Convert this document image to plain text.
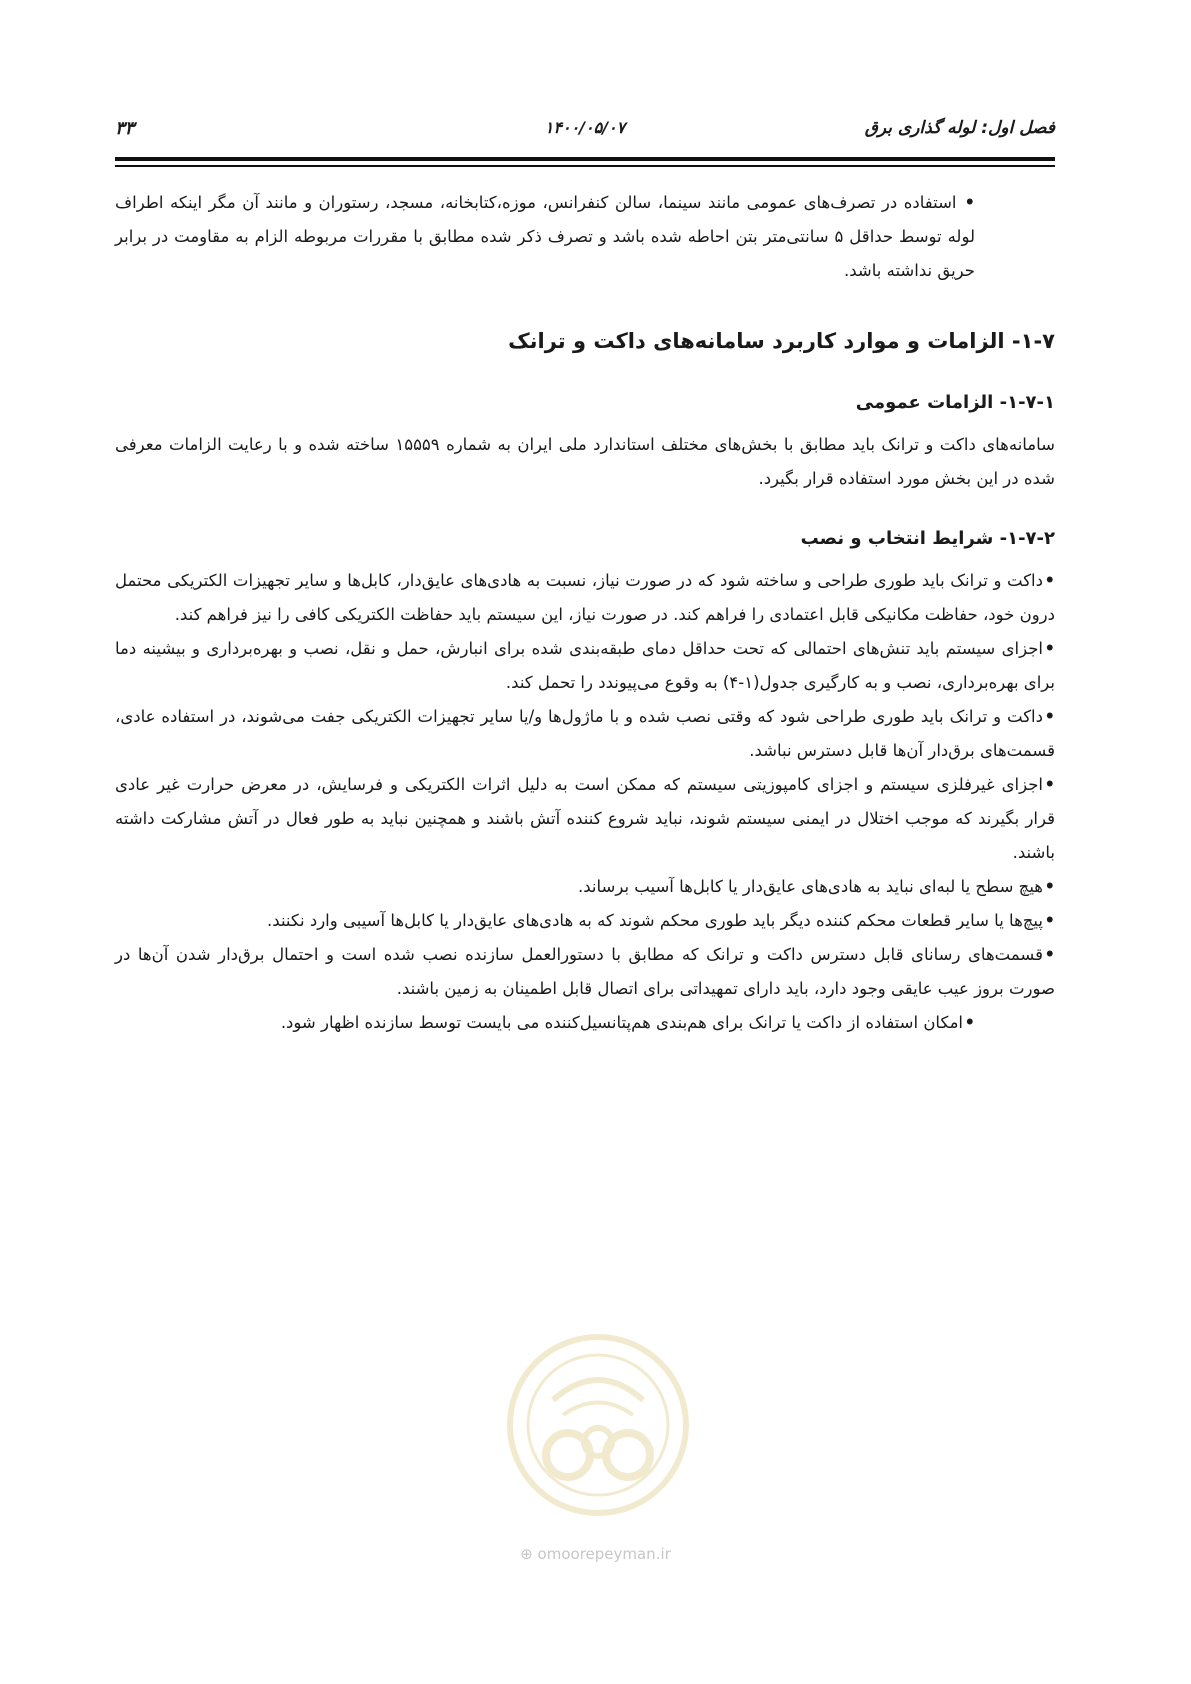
فصل اول: لوله گذاری برق
۱۴۰۰/۰۵/۰۷
۳۳

• استفاده در تصرف‌های عمومی مانند سینما، سالن کنفرانس، موزه،کتابخانه، مسجد، رستوران و مانند آن مگر اینکه اطراف لوله توسط حداقل ۵ سانتی‌متر بتن احاطه شده باشد و تصرف ذکر شده مطابق با مقررات مربوطه الزام به مقاومت در برابر حریق نداشته باشد.

۱-۷- الزامات و موارد کاربرد سامانه‌های داکت و ترانک
۱-۷-۱- الزامات عمومی

سامانه‌های داکت و ترانک باید مطابق با بخش‌های مختلف استاندارد ملی ایران به شماره ۱۵۵۵۹ ساخته شده و با رعایت الزامات معرفی شده در این بخش مورد استفاده قرار بگیرد.

۱-۷-۲- شرایط انتخاب و نصب

•داکت و ترانک باید طوری طراحی و ساخته شود که در صورت نیاز، نسبت به هادی‌های عایق‌دار، کابل‌ها و سایر تجهیزات الکتریکی محتمل درون خود، حفاظت مکانیکی قابل اعتمادی را فراهم کند. در صورت نیاز، این سیستم باید حفاظت الکتریکی کافی را نیز فراهم کند.

•اجزای سیستم باید تنش‌های احتمالی که تحت حداقل دمای طبقه‌بندی شده برای انبارش، حمل و نقل، نصب و بهره‌برداری و بیشینه دما برای بهره‌برداری، نصب و به کارگیری جدول(۱-۴) به وقوع می‌پیوندد را تحمل کند.

•داکت و ترانک باید طوری طراحی شود که وقتی نصب شده و با ماژول‌ها و/یا سایر تجهیزات الکتریکی جفت می‌شوند، در استفاده عادی، قسمت‌های برق‌دار آن‌ها قابل دسترس نباشد.

•اجزای غیرفلزی سیستم و اجزای کامپوزیتی سیستم که ممکن است به دلیل اثرات الکتریکی و فرسایش، در معرض حرارت غیر عادی قرار بگیرند که موجب اختلال در ایمنی سیستم شوند، نباید شروع کننده آتش باشند و همچنین نباید به طور فعال در آتش مشارکت داشته باشند.

•هیچ سطح یا لبه‌ای نباید به هادی‌های عایق‌دار یا کابل‌ها آسیب برساند.

•پیچ‌ها یا سایر قطعات محکم کننده دیگر باید طوری محکم شوند که به هادی‌های عایق‌دار یا کابل‌ها آسیبی وارد نکنند.

•قسمت‌های رسانای قابل دسترس داکت و ترانک که مطابق با دستورالعمل سازنده نصب شده است و احتمال برق‌دار شدن آن‌ها در صورت بروز عیب عایقی وجود دارد، باید دارای تمهیداتی برای اتصال قابل اطمینان به زمین باشند.

•امکان استفاده از داکت یا ترانک برای هم‌بندی هم‌پتانسیل‌کننده می بایست توسط سازنده اظهار شود.

⊕ omoorepeyman.ir
